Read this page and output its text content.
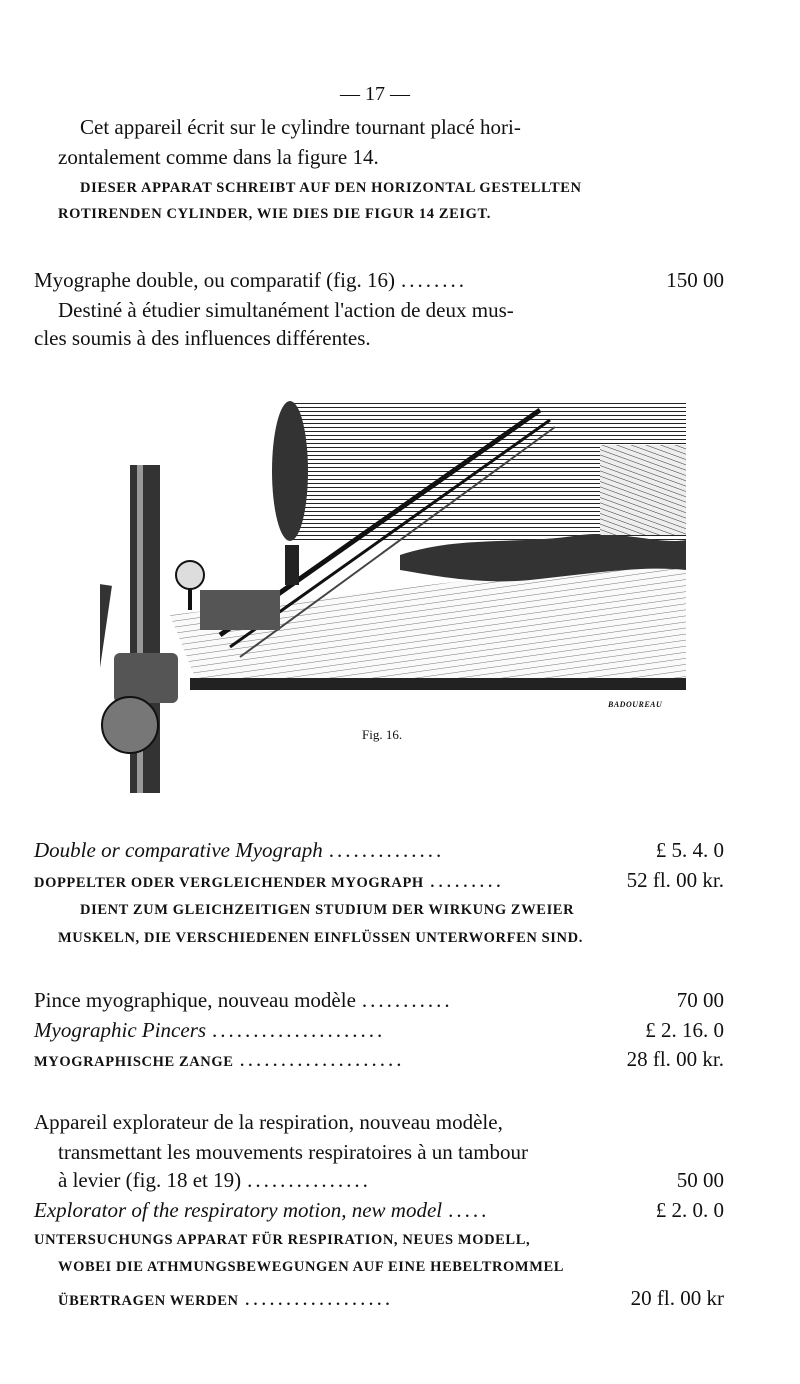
— 17 —
Cet appareil écrit sur le cylindre tournant placé hori-
zontalement comme dans la figure 14.
DIESER APPARAT SCHREIBT AUF DEN HORIZONTAL GESTELLTEN
ROTIRENDEN CYLINDER, WIE DIES DIE FIGUR 14 ZEIGT.
Myographe double, ou comparatif (fig. 16) ........	150 00
Destiné à étudier simultanément l'action de deux mus-
cles soumis à des influences différentes.
BADOUREAU
Fig. 16.
Double or comparative Myograph ..............	£ 5. 4. 0
DOPPELTER ODER VERGLEICHENDER MYOGRAPH .........	52 fl. 00 kr.
DIENT ZUM GLEICHZEITIGEN STUDIUM DER WIRKUNG ZWEIER
MUSKELN, DIE VERSCHIEDENEN EINFLÜSSEN UNTERWORFEN SIND.
Pince myographique, nouveau modèle ...........	70 00
Myographic Pincers .....................	£ 2. 16. 0
MYOGRAPHISCHE ZANGE ....................	28 fl. 00 kr.
Appareil explorateur de la respiration, nouveau modèle,
transmettant les mouvements respiratoires à un tambour
à levier (fig. 18 et 19) ...............	50 00
Explorator of the respiratory motion, new model .....	£ 2. 0. 0
UNTERSUCHUNGS APPARAT FÜR RESPIRATION, NEUES MODELL,
WOBEI DIE ATHMUNGSBEWEGUNGEN AUF EINE HEBELTROMMEL
ÜBERTRAGEN WERDEN ..................	20 fl. 00 kr
